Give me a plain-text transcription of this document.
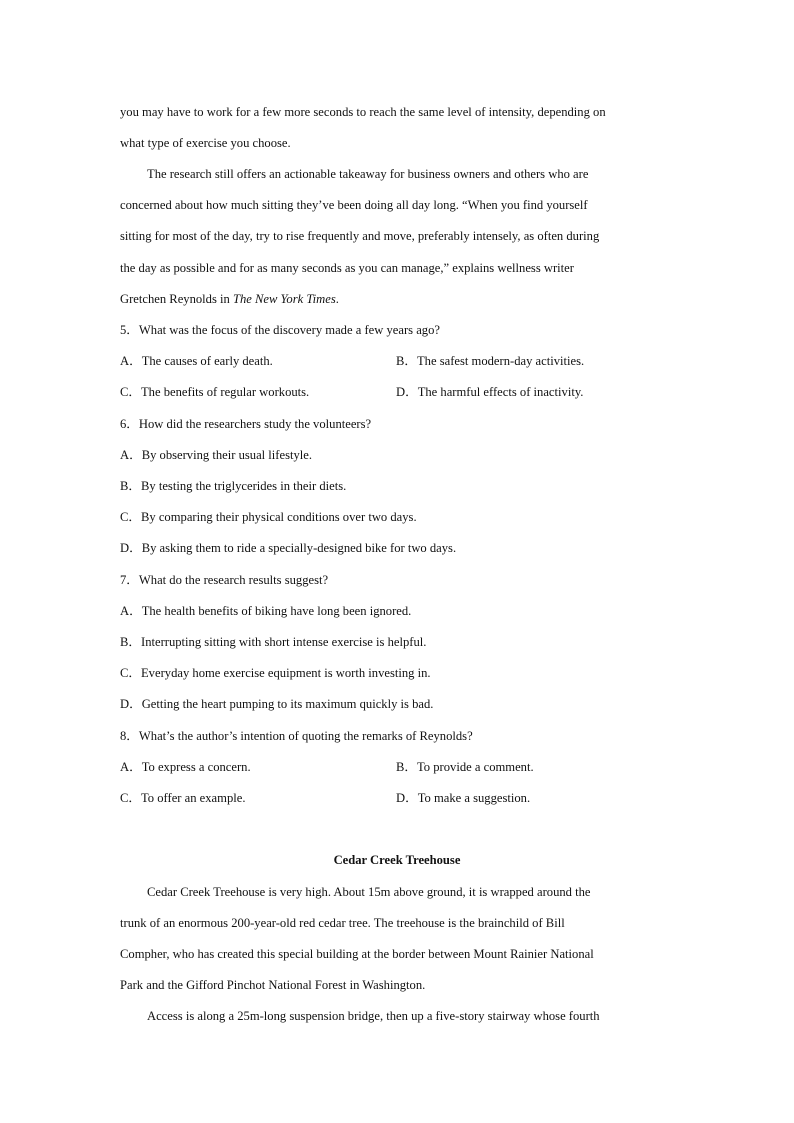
you may have to work for a few more seconds to reach the same level of intensity, depending on
what type of exercise you choose.
The research still offers an actionable takeaway for business owners and others who are
concerned about how much sitting they’ve been doing all day long. “When you find yourself
sitting for most of the day, try to rise frequently and move, preferably intensely, as often during
the day as possible and for as many seconds as you can manage,” explains wellness writer
Gretchen Reynolds in The New York Times.
5．What was the focus of the discovery made a few years ago?
A．The causes of early death.	B．The safest modern-day activities.
C．The benefits of regular workouts.	D．The harmful effects of inactivity.
6．How did the researchers study the volunteers?
A．By observing their usual lifestyle.
B．By testing the triglycerides in their diets.
C．By comparing their physical conditions over two days.
D．By asking them to ride a specially-designed bike for two days.
7．What do the research results suggest?
A．The health benefits of biking have long been ignored.
B．Interrupting sitting with short intense exercise is helpful.
C．Everyday home exercise equipment is worth investing in.
D．Getting the heart pumping to its maximum quickly is bad.
8．What’s the author’s intention of quoting the remarks of Reynolds?
A．To express a concern.	B．To provide a comment.
C．To offer an example.	D．To make a suggestion.
Cedar Creek Treehouse
Cedar Creek Treehouse is very high. About 15m above ground, it is wrapped around the
trunk of an enormous 200-year-old red cedar tree. The treehouse is the brainchild of Bill
Compher, who has created this special building at the border between Mount Rainier National
Park and the Gifford Pinchot National Forest in Washington.
Access is along a 25m-long suspension bridge, then up a five-story stairway whose fourth
